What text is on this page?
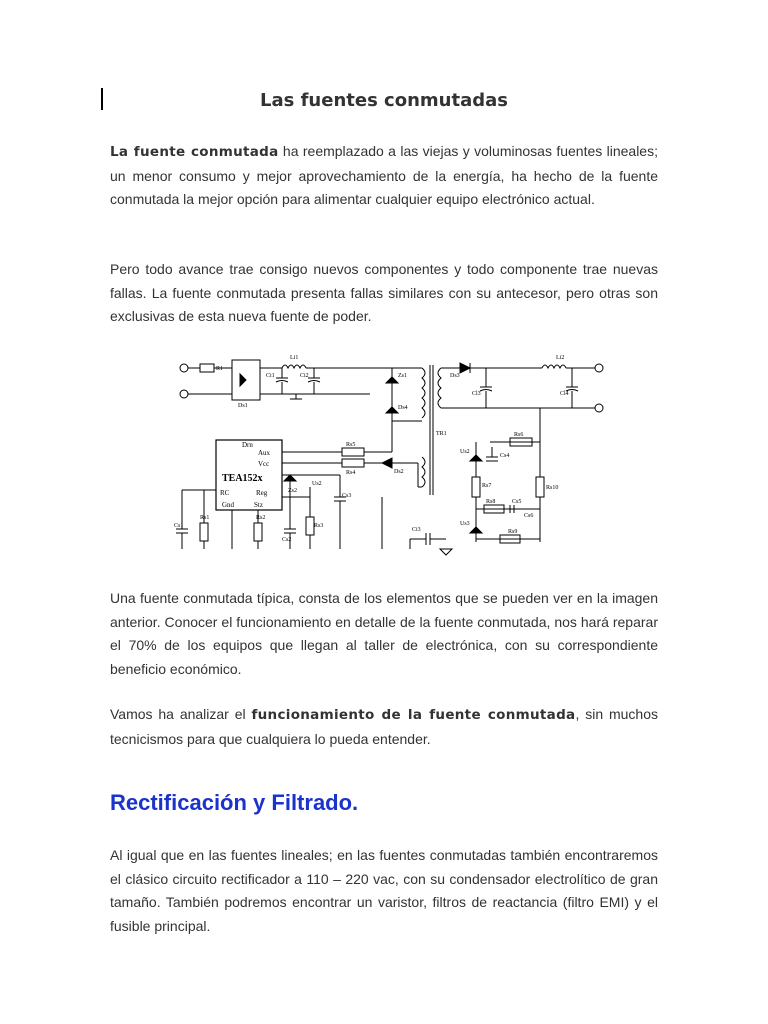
Las fuentes conmutadas

La fuente conmutada ha reemplazado a las viejas y voluminosas fuentes lineales; un menor consumo y mejor aprovechamiento de la energía, ha hecho de la fuente conmutada la mejor opción para alimentar cualquier equipo electrónico actual.

Pero todo avance trae consigo nuevos componentes y todo componente trae nuevas fallas. La fuente conmutada presenta fallas similares con su antecesor, pero otras son exclusivas de esta nueva fuente de poder.

R1
Li1
Ds1
Ci1	Ci2	Zs1
Ds4
TR1
Ds3
Cl3
Li2
Cl4
Rs5
Rs4	Ds2
Zs2
Us2
Cs3
Cs1
Rs1	Rs2
Cs2
Rs3
Us2
Cs4
Rs6
Rs7	Rs10
Cs5
Rs8
Cs6
Us3
Rs9
Ci3
Drn
Aux
Vcc
RC	Reg
Gnd	Stz
TEA152x

Una fuente conmutada típica, consta de los elementos que se pueden ver en la imagen anterior. Conocer el funcionamiento en detalle de la fuente conmutada, nos hará reparar el 70% de los equipos que llegan al taller de electrónica, con su correspondiente beneficio económico.

Vamos ha analizar el funcionamiento de la fuente conmutada, sin muchos tecnicismos para que cualquiera lo pueda entender.

Rectificación y Filtrado.

Al igual que en las fuentes lineales; en las fuentes conmutadas también encontraremos el clásico circuito rectificador a 110 – 220 vac, con su condensador electrolítico de gran tamaño. También podremos encontrar un varistor, filtros de reactancia (filtro EMI) y el fusible principal.
